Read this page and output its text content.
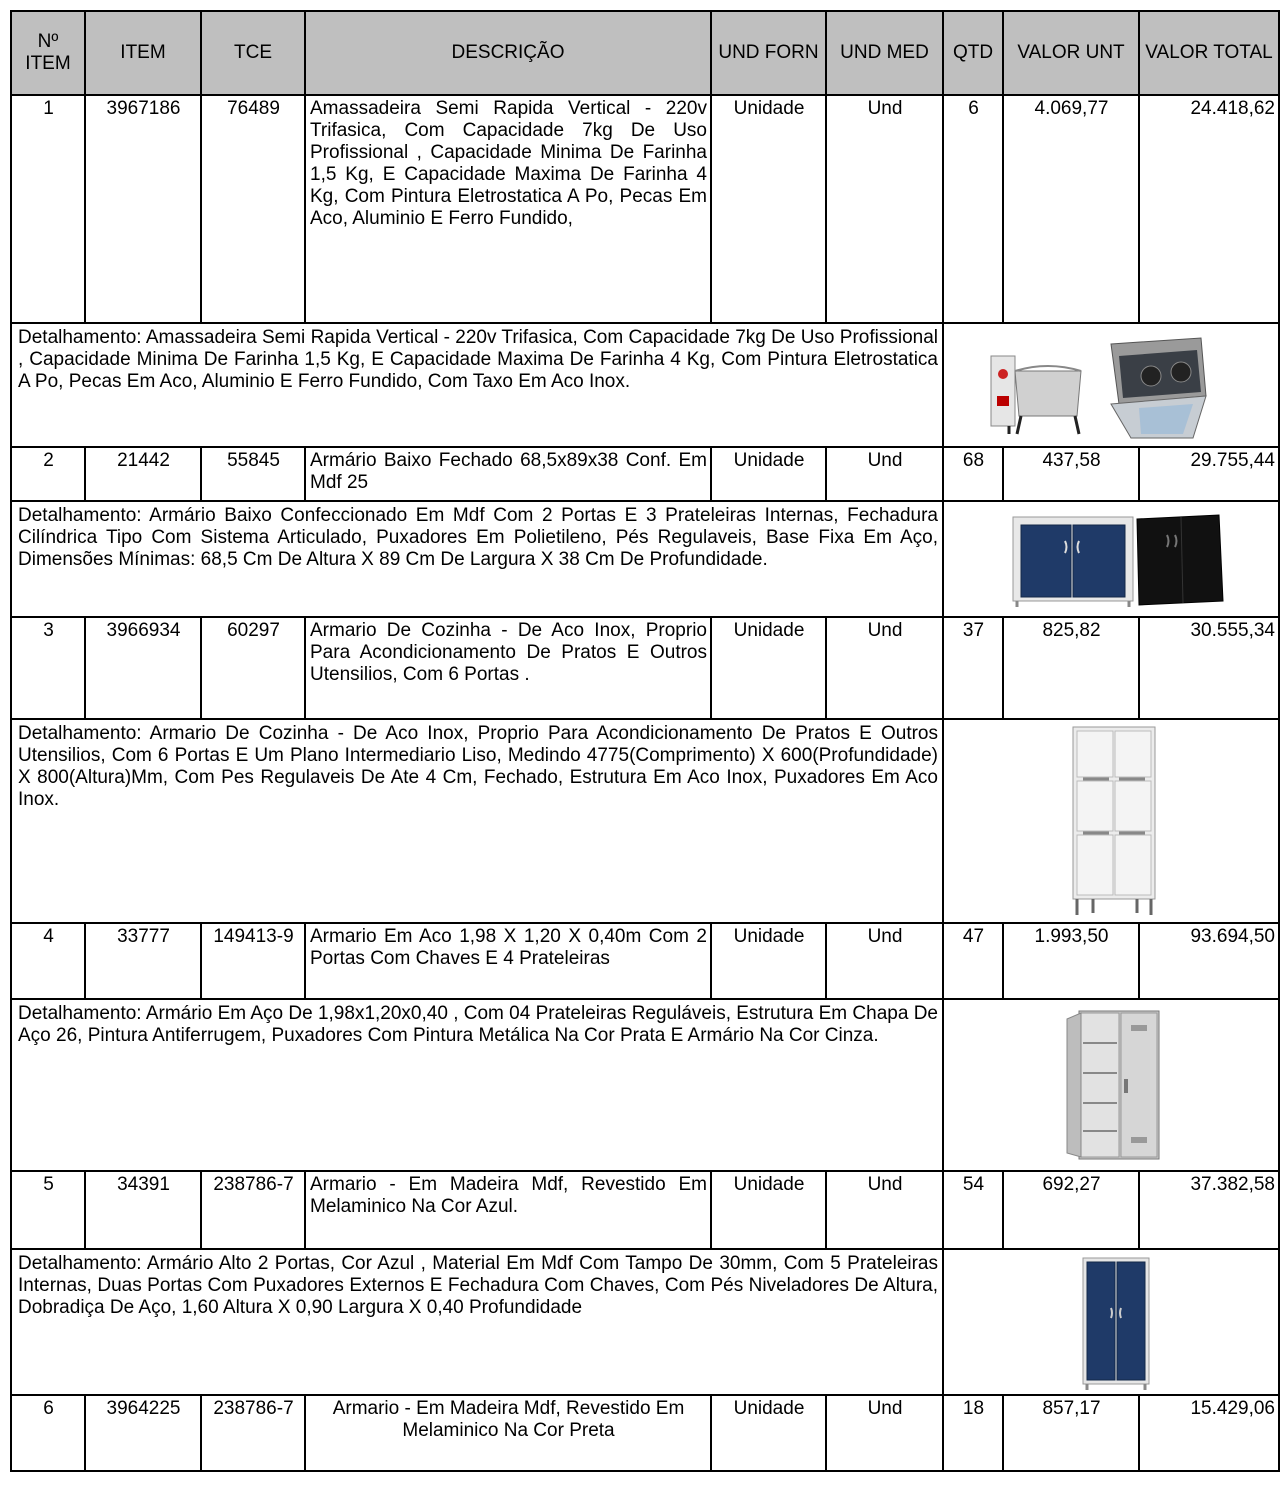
Nº ITEM	ITEM	TCE	DESCRIÇÃO	UND FORN	UND MED	QTD	VALOR UNT	VALOR TOTAL
1	3967186	76489	Amassadeira Semi Rapida Vertical - 220v Trifasica, Com Capacidade 7kg De Uso Profissional , Capacidade Minima De Farinha 1,5 Kg, E Capacidade Maxima De Farinha 4 Kg, Com Pintura Eletrostatica A Po, Pecas Em Aco, Aluminio E Ferro Fundido,	Unidade	Und	6	4.069,77	24.418,62
Detalhamento: Amassadeira Semi Rapida Vertical - 220v Trifasica, Com Capacidade 7kg De Uso Profissional , Capacidade Minima De Farinha 1,5 Kg, E Capacidade Maxima De Farinha 4 Kg, Com Pintura Eletrostatica A Po, Pecas Em Aco, Aluminio E Ferro Fundido, Com Taxo Em Aco Inox.	

2	21442	55845	Armário Baixo Fechado 68,5x89x38 Conf. Em Mdf 25	Unidade	Und	68	437,58	29.755,44
Detalhamento: Armário Baixo Confeccionado Em Mdf Com 2 Portas E 3 Prateleiras Internas, Fechadura Cilíndrica Tipo Com Sistema Articulado, Puxadores Em Polietileno, Pés Regulaveis, Base Fixa Em Aço, Dimensões Mínimas: 68,5 Cm De Altura X 89 Cm De Largura X 38 Cm De Profundidade.	

3	3966934	60297	Armario De Cozinha - De Aco Inox, Proprio Para Acondicionamento De Pratos E Outros Utensilios, Com 6 Portas .	Unidade	Und	37	825,82	30.555,34
Detalhamento: Armario De Cozinha - De Aco Inox, Proprio Para Acondicionamento De Pratos E Outros Utensilios, Com 6 Portas E Um Plano Intermediario Liso, Medindo 4775(Comprimento) X 600(Profundidade) X 800(Altura)Mm, Com Pes Regulaveis De Ate 4 Cm, Fechado, Estrutura Em Aco Inox, Puxadores Em Aco Inox.	

4	33777	149413-9	Armario Em Aco 1,98 X 1,20 X 0,40m Com 2 Portas Com Chaves E 4 Prateleiras	Unidade	Und	47	1.993,50	93.694,50
Detalhamento: Armário Em Aço De 1,98x1,20x0,40 , Com 04 Prateleiras Reguláveis, Estrutura Em Chapa De Aço 26, Pintura Antiferrugem, Puxadores Com Pintura Metálica Na Cor Prata E Armário Na Cor Cinza.	

5	34391	238786-7	Armario - Em Madeira Mdf, Revestido Em Melaminico Na Cor Azul.	Unidade	Und	54	692,27	37.382,58
Detalhamento: Armário Alto 2 Portas, Cor Azul , Material Em Mdf Com Tampo De 30mm, Com 5 Prateleiras Internas, Duas Portas Com Puxadores Externos E Fechadura Com Chaves, Com Pés Niveladores De Altura, Dobradiça De Aço, 1,60 Altura X 0,90 Largura X 0,40 Profundidade	

6	3964225	238786-7	Armario - Em Madeira Mdf, Revestido Em Melaminico Na Cor Preta	Unidade	Und	18	857,17	15.429,06
